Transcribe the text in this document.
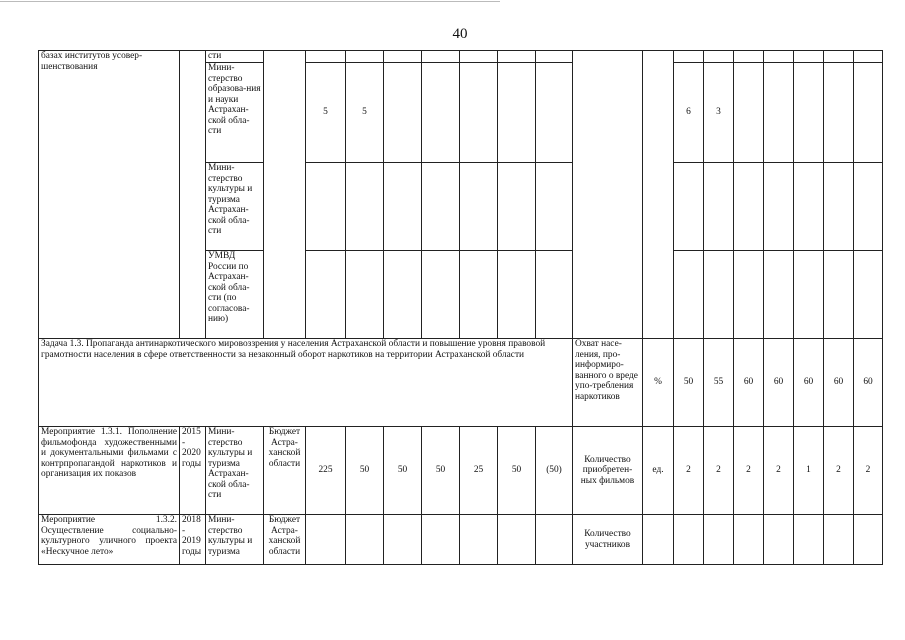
40
базах институтов усовер-шенствования		сти																	
		Мини-стерство образова-ния и науки Астрахан-ской обла-сти		5	5								6	3					
		Мини-стерство культуры и туризма Астрахан-ской обла-сти																	
		УМВД России по Астрахан-ской обла-сти (по согласова-нию)																	
Задача 1.3. Пропаганда антинаркотического мировоззрения у населения Астраханской области и повышение уровня правовой грамотности населения в сфере ответственности за незаконный оборот наркотиков на территории Астраханской области											Охват насе-ления, про-информиро-ванного о вреде упо-требления наркотиков	%	50	55	60	60	60	60	60
Мероприятие 1.3.1. Пополнение фильмофонда художественными и документальными фильмами с контрпропагандой наркотиков и организация их показов	2015 - 2020 годы	Мини-стерство культуры и туризма Астрахан-ской обла-сти	Бюджет Астра-ханской области	225	50	50	50	25	50	(50)	Количество приобретен-ных фильмов	ед.	2	2	2	2	1	2	2
Мероприятие 1.3.2. Осуществление социально-культурного уличного проекта «Нескучное лето»	2018 - 2019 годы	Мини-стерство культуры и туризма	Бюджет Астра-ханской области								Количество участников								
